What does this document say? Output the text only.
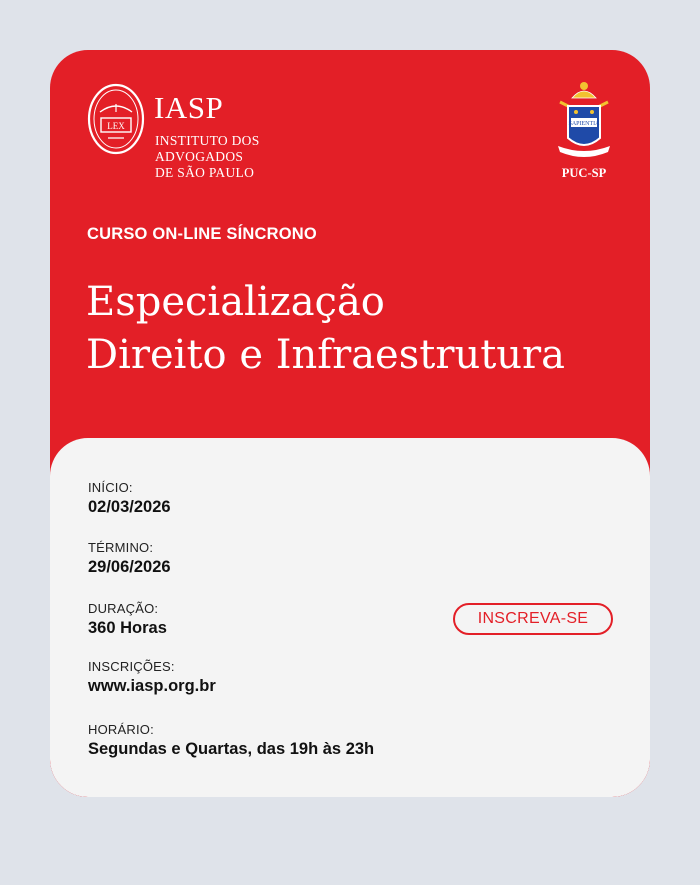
LEX
IASP
INSTITUTO DOS ADVOGADOS
DE SÃO PAULO
SAPIENTIA
PUC-SP
CURSO ON-LINE SÍNCRONO
Especialização
Direito e Infraestrutura
INÍCIO:
02/03/2026
TÉRMINO:
29/06/2026
DURAÇÃO:
360 Horas
INSCRIÇÕES:
www.iasp.org.br
HORÁRIO:
Segundas e Quartas, das 19h às 23h
INSCREVA-SE
